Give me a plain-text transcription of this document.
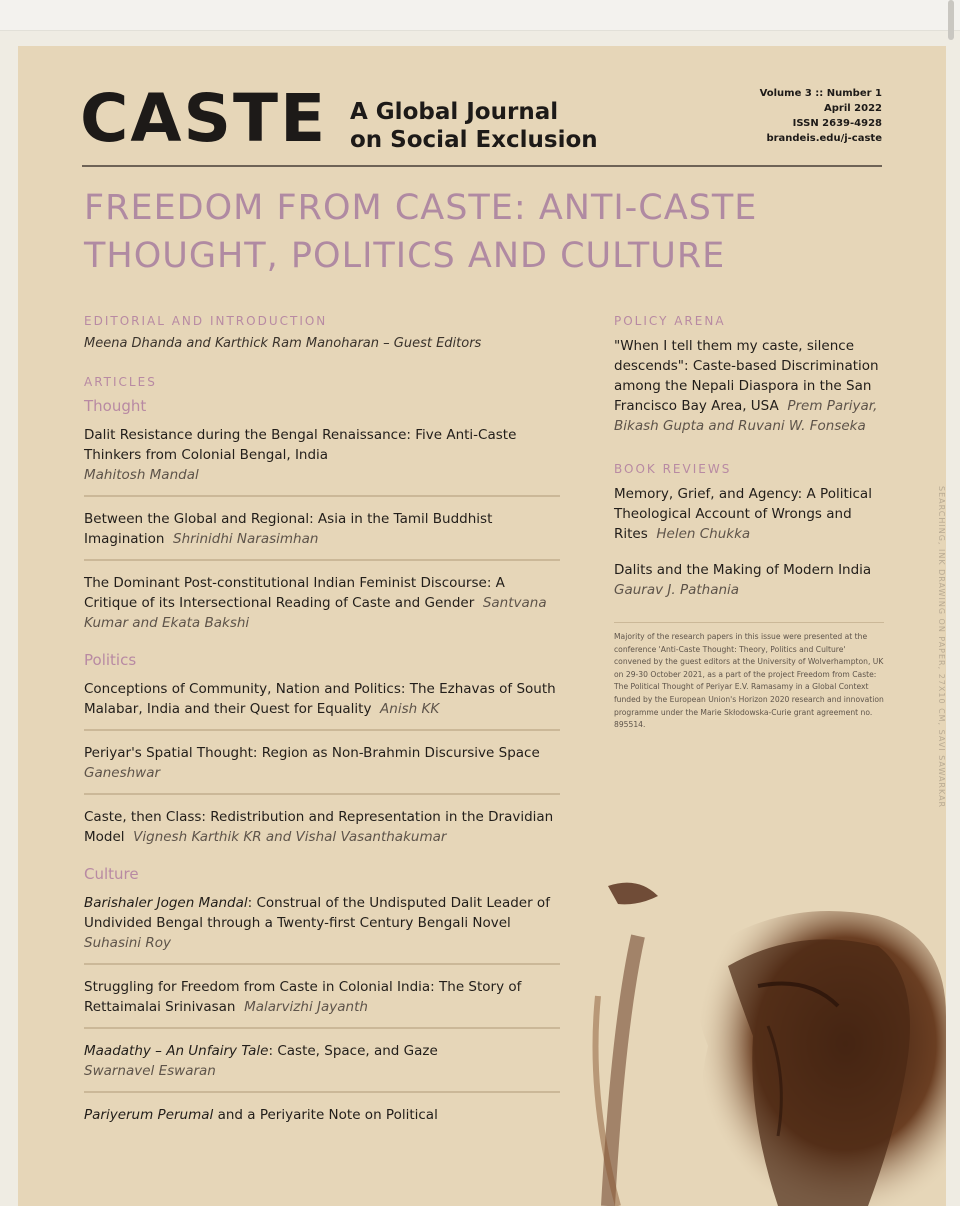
CASTE A Global Journal
on Social Exclusion
Volume 3 :: Number 1
April 2022
ISSN 2639-4928
brandeis.edu/j-caste
FREEDOM FROM CASTE: ANTI-CASTE
THOUGHT, POLITICS AND CULTURE
EDITORIAL AND INTRODUCTION
Meena Dhanda and Karthick Ram Manoharan – Guest Editors
ARTICLES
Thought
Dalit Resistance during the Bengal Renaissance: Five Anti-Caste Thinkers from Colonial Bengal, India
Mahitosh Mandal
Between the Global and Regional: Asia in the Tamil Buddhist Imagination Shrinidhi Narasimhan
The Dominant Post-constitutional Indian Feminist Discourse: A Critique of its Intersectional Reading of Caste and Gender Santvana Kumar and Ekata Bakshi
Politics
Conceptions of Community, Nation and Politics: The Ezhavas of South Malabar, India and their Quest for Equality Anish KK
Periyar's Spatial Thought: Region as Non-Brahmin Discursive Space  Ganeshwar
Caste, then Class: Redistribution and Representation in the Dravidian Model Vignesh Karthik KR and Vishal Vasanthakumar
Culture
Barishaler Jogen Mandal: Construal of the Undisputed Dalit Leader of Undivided Bengal through a Twenty-first Century Bengali Novel  Suhasini Roy
Struggling for Freedom from Caste in Colonial India: The Story of Rettaimalai Srinivasan Malarvizhi Jayanth
Maadathy – An Unfairy Tale: Caste, Space, and Gaze
Swarnavel Eswaran
Pariyerum Perumal and a Periyarite Note on Political
POLICY ARENA
"When I tell them my caste, silence descends": Caste-based Discrimination among the Nepali Diaspora in the San Francisco Bay Area, USA Prem Pariyar, Bikash Gupta and Ruvani W. Fonseka
BOOK REVIEWS
Memory, Grief, and Agency: A Political Theological Account of Wrongs and Rites Helen Chukka
Dalits and the Making of Modern India  Gaurav J. Pathania
Majority of the research papers in this issue were presented at the conference 'Anti-Caste Thought: Theory, Politics and Culture' convened by the guest editors at the University of Wolverhampton, UK on 29-30 October 2021, as a part of the project Freedom from Caste: The Political Thought of Periyar E.V. Ramasamy in a Global Context funded by the European Union's Horizon 2020 research and innovation programme under the Marie Skłodowska-Curie grant agreement no. 895514.	SEARCHING, INK DRAWING ON PAPER, 27X10 CM, SAVI SAWARKAR
